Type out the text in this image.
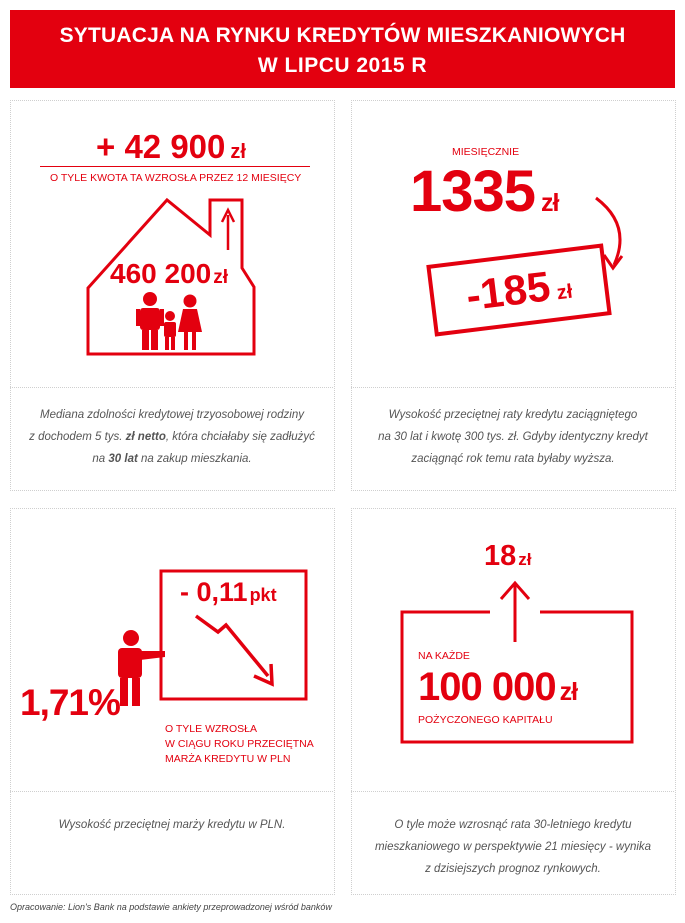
SYTUACJA NA RYNKU KREDYTÓW MIESZKANIOWYCH
W LIPCU 2015 R
+ 42 900 zł
O TYLE KWOTA TA WZROSŁA PRZEZ 12 MIESIĘCY
460 200 zł
Mediana zdolności kredytowej trzyosobowej rodziny
z dochodem 5 tys. zł netto, która chciałaby się zadłużyć
na 30 lat na zakup mieszkania.
MIESIĘCZNIE
1335 zł
-185 zł
Wysokość przeciętnej raty kredytu zaciągniętego
na 30 lat i kwotę 300 tys. zł. Gdyby identyczny kredyt
zaciągnąć rok temu rata byłaby wyższa.
- 0,11 pkt
1,71%
O TYLE WZROSŁA
W CIĄGU ROKU PRZECIĘTNA
MARŻA KREDYTU W PLN
Wysokość przeciętnej marży kredytu w PLN.
18 zł
NA KAŻDE
100 000 zł
POŻYCZONEGO KAPITAŁU
O tyle może wzrosnąć rata 30-letniego kredytu
mieszkaniowego w perspektywie 21 miesięcy - wynika
z dzisiejszych prognoz rynkowych.
Opracowanie: Lion's Bank na podstawie ankiety przeprowadzonej wśród banków
